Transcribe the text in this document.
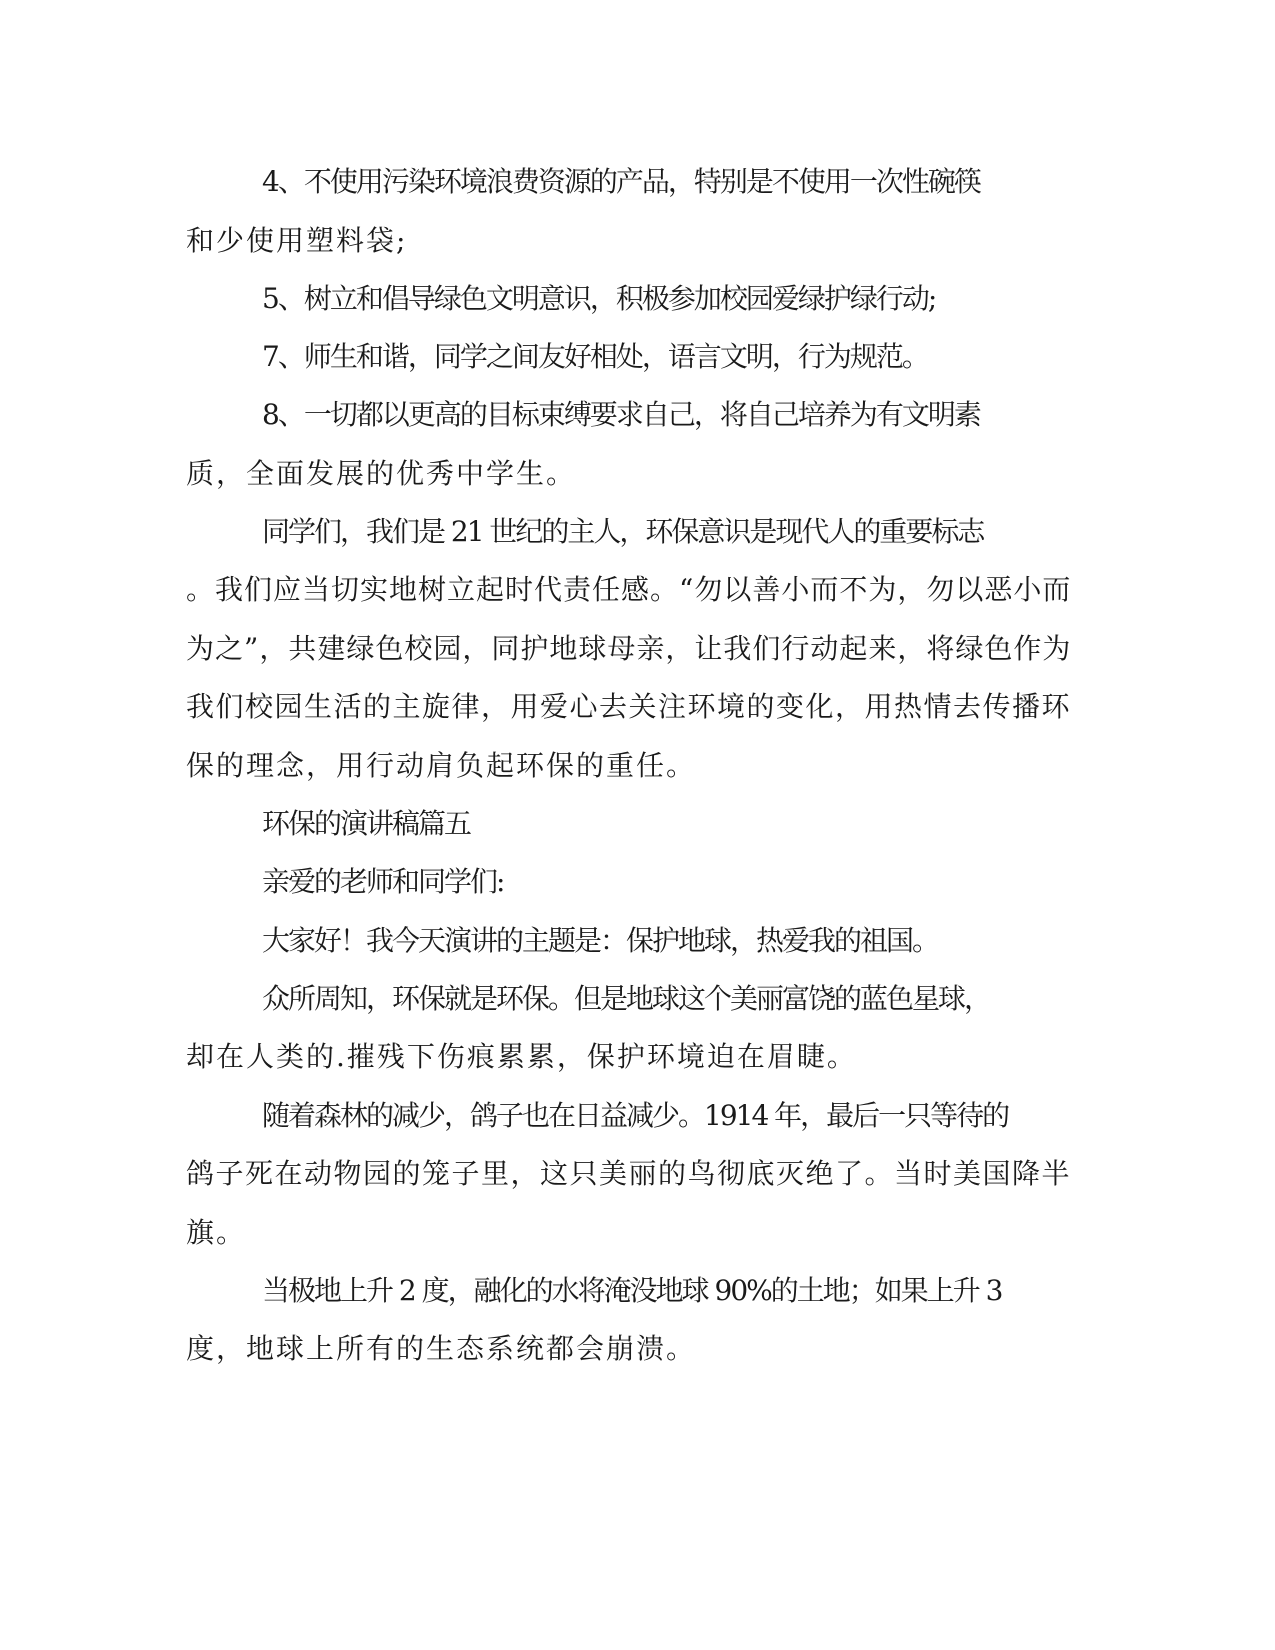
4、不使用污染环境浪费资源的产品，特别是不使用一次性碗筷
和少使用塑料袋;
5、树立和倡导绿色文明意识，积极参加校园爱绿护绿行动;
7、师生和谐，同学之间友好相处，语言文明，行为规范。
8、一切都以更高的目标束缚要求自己，将自己培养为有文明素
质，全面发展的优秀中学生。
同学们，我们是 21 世纪的主人，环保意识是现代人的重要标志
。我们应当切实地树立起时代责任感。“勿以善小而不为，勿以恶小而
为之”，共建绿色校园，同护地球母亲，让我们行动起来，将绿色作为
我们校园生活的主旋律，用爱心去关注环境的变化，用热情去传播环
保的理念，用行动肩负起环保的重任。
环保的演讲稿篇五
亲爱的老师和同学们:
大家好！我今天演讲的主题是：保护地球，热爱我的祖国。
众所周知，环保就是环保。但是地球这个美丽富饶的蓝色星球，
却在人类的.摧残下伤痕累累，保护环境迫在眉睫。
随着森林的减少，鸽子也在日益减少。1914 年，最后一只等待的
鸽子死在动物园的笼子里，这只美丽的鸟彻底灭绝了。当时美国降半
旗。
当极地上升 2 度，融化的水将淹没地球 90%的土地；如果上升 3
度，地球上所有的生态系统都会崩溃。
